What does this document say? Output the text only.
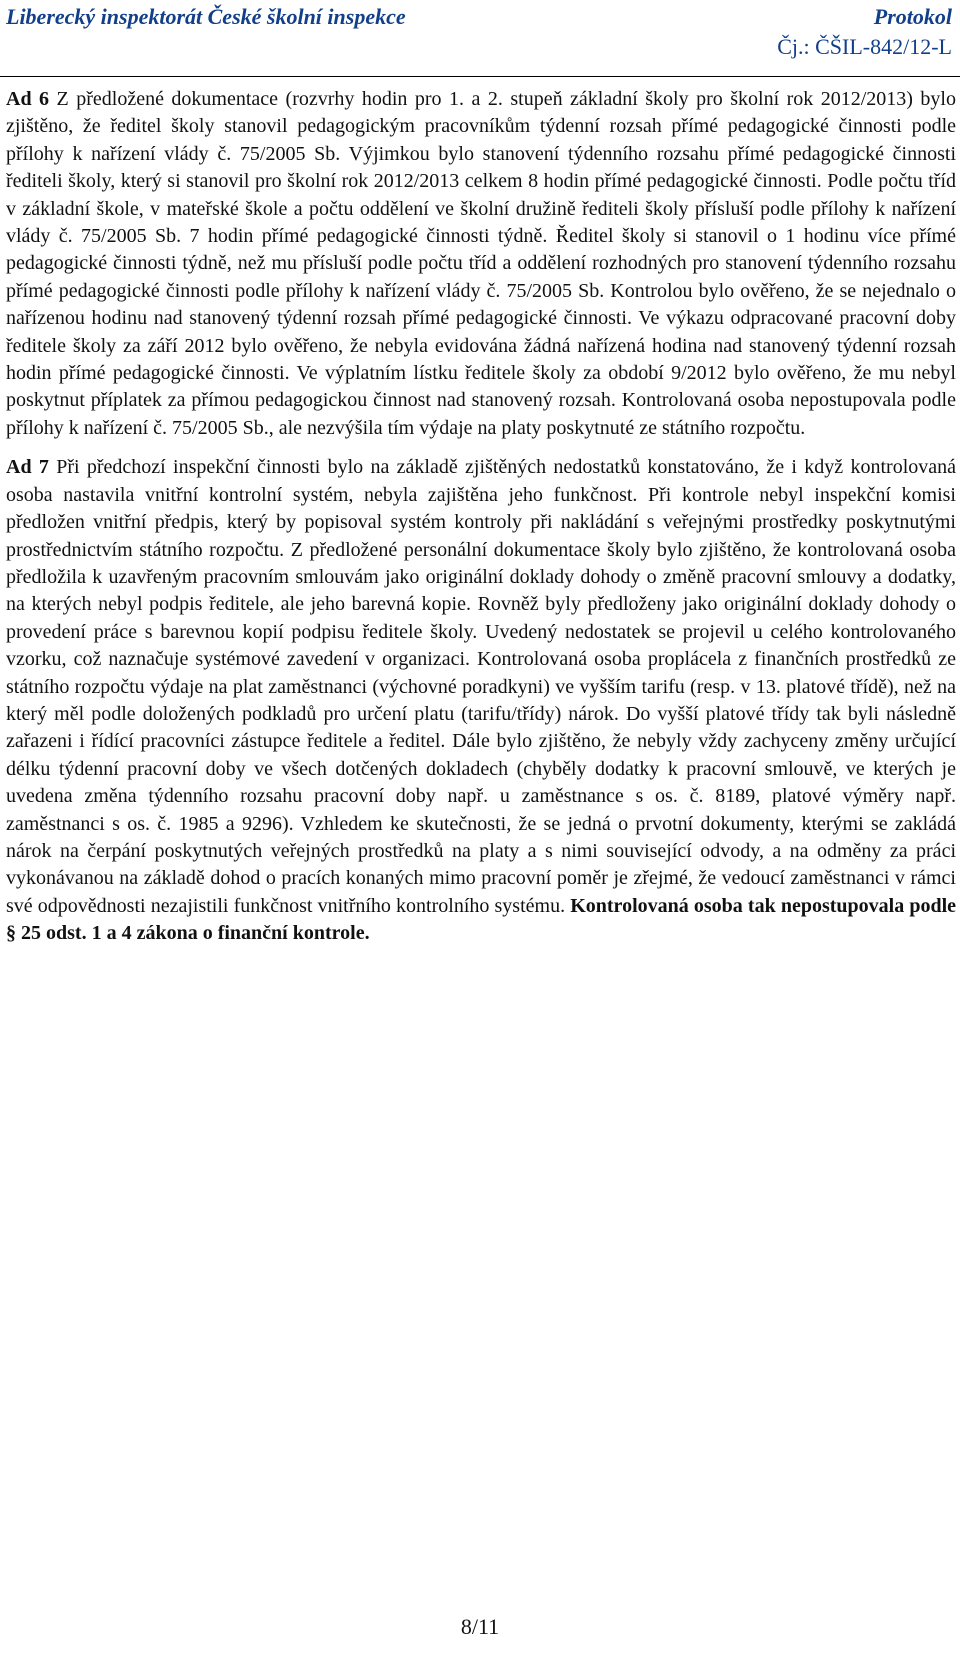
Liberecký inspektorát České školní inspekce	Protokol
Čj.: ČŠIL-842/12-L

Ad 6 Z předložené dokumentace (rozvrhy hodin pro 1. a 2. stupeň základní školy pro školní rok 2012/2013) bylo zjištěno, že ředitel školy stanovil pedagogickým pracovníkům týdenní rozsah přímé pedagogické činnosti podle přílohy k nařízení vlády č. 75/2005 Sb. Výjimkou bylo stanovení týdenního rozsahu přímé pedagogické činnosti řediteli školy, který si stanovil pro školní rok 2012/2013 celkem 8 hodin přímé pedagogické činnosti. Podle počtu tříd v základní škole, v mateřské škole a počtu oddělení ve školní družině řediteli školy přísluší podle přílohy k nařízení vlády č. 75/2005 Sb. 7 hodin přímé pedagogické činnosti týdně. Ředitel školy si stanovil o 1 hodinu více přímé pedagogické činnosti týdně, než mu přísluší podle počtu tříd a oddělení rozhodných pro stanovení týdenního rozsahu přímé pedagogické činnosti podle přílohy k nařízení vlády č. 75/2005 Sb. Kontrolou bylo ověřeno, že se nejednalo o nařízenou hodinu nad stanovený týdenní rozsah přímé pedagogické činnosti. Ve výkazu odpracované pracovní doby ředitele školy za září 2012 bylo ověřeno, že nebyla evidována žádná nařízená hodina nad stanovený týdenní rozsah hodin přímé pedagogické činnosti. Ve výplatním lístku ředitele školy za období 9/2012 bylo ověřeno, že mu nebyl poskytnut příplatek za přímou pedagogickou činnost nad stanovený rozsah. Kontrolovaná osoba nepostupovala podle přílohy k nařízení č. 75/2005 Sb., ale nezvýšila tím výdaje na platy poskytnuté ze státního rozpočtu.

Ad 7 Při předchozí inspekční činnosti bylo na základě zjištěných nedostatků konstatováno, že i když kontrolovaná osoba nastavila vnitřní kontrolní systém, nebyla zajištěna jeho funkčnost. Při kontrole nebyl inspekční komisi předložen vnitřní předpis, který by popisoval systém kontroly při nakládání s veřejnými prostředky poskytnutými prostřednictvím státního rozpočtu. Z předložené personální dokumentace školy bylo zjištěno, že kontrolovaná osoba předložila k uzavřeným pracovním smlouvám jako originální doklady dohody o změně pracovní smlouvy a dodatky, na kterých nebyl podpis ředitele, ale jeho barevná kopie. Rovněž byly předloženy jako originální doklady dohody o provedení práce s barevnou kopií podpisu ředitele školy. Uvedený nedostatek se projevil u celého kontrolovaného vzorku, což naznačuje systémové zavedení v organizaci. Kontrolovaná osoba proplácela z finančních prostředků ze státního rozpočtu výdaje na plat zaměstnanci (výchovné poradkyni) ve vyšším tarifu (resp. v 13. platové třídě), než na který měl podle doložených podkladů pro určení platu (tarifu/třídy) nárok. Do vyšší platové třídy tak byli následně zařazeni i řídící pracovníci zástupce ředitele a ředitel. Dále bylo zjištěno, že nebyly vždy zachyceny změny určující délku týdenní pracovní doby ve všech dotčených dokladech (chyběly dodatky k pracovní smlouvě, ve kterých je uvedena změna týdenního rozsahu pracovní doby např. u zaměstnance s os. č. 8189, platové výměry např. zaměstnanci s os. č. 1985 a 9296). Vzhledem ke skutečnosti, že se jedná o prvotní dokumenty, kterými se zakládá nárok na čerpání poskytnutých veřejných prostředků na platy a s nimi související odvody, a na odměny za práci vykonávanou na základě dohod o pracích konaných mimo pracovní poměr je zřejmé, že vedoucí zaměstnanci v rámci své odpovědnosti nezajistili funkčnost vnitřního kontrolního systému. Kontrolovaná osoba tak nepostupovala podle § 25 odst. 1 a 4 zákona o finanční kontrole.

8/11
